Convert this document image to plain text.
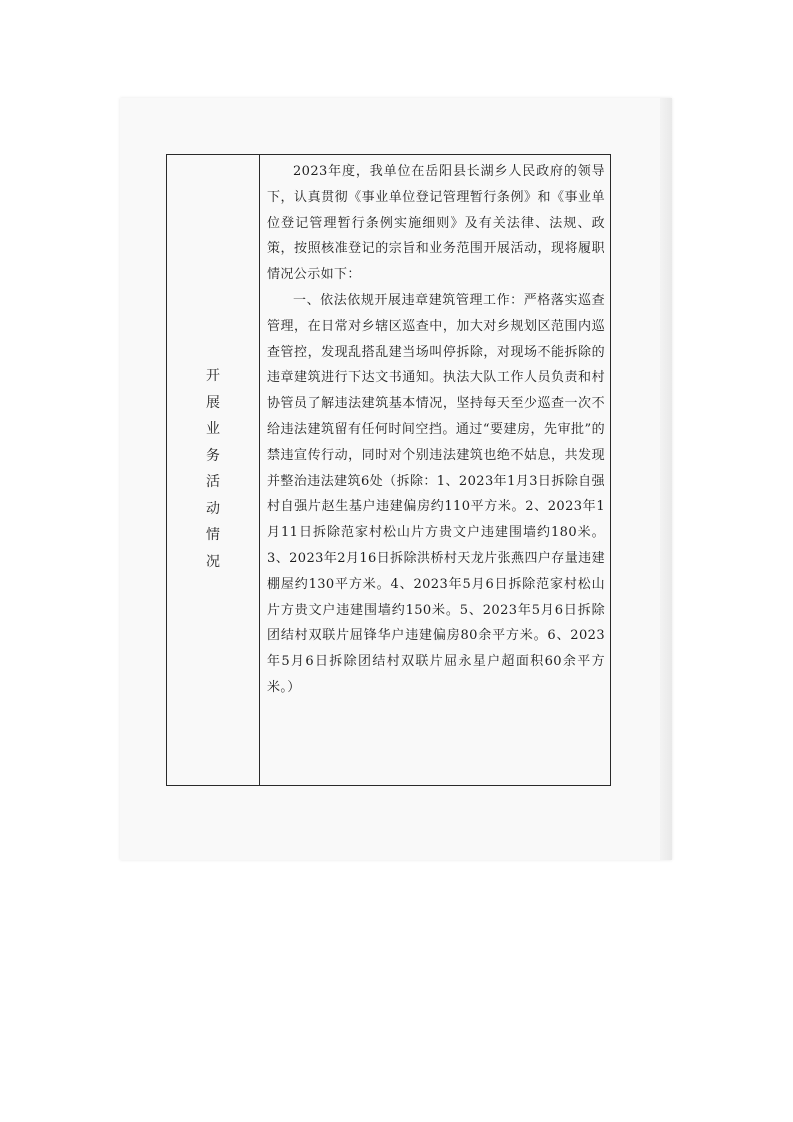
开
展
业
务
活
动
情
况

2023年度，我单位在岳阳县长湖乡人民政府的领导下，认真贯彻《事业单位登记管理暂行条例》和《事业单位登记管理暂行条例实施细则》及有关法律、法规、政策，按照核准登记的宗旨和业务范围开展活动，现将履职情况公示如下：

一、依法依规开展违章建筑管理工作：严格落实巡查管理，在日常对乡辖区巡查中，加大对乡规划区范围内巡查管控，发现乱搭乱建当场叫停拆除，对现场不能拆除的违章建筑进行下达文书通知。执法大队工作人员负责和村协管员了解违法建筑基本情况，坚持每天至少巡查一次不给违法建筑留有任何时间空挡。通过“要建房，先审批”的禁违宣传行动，同时对个别违法建筑也绝不姑息，共发现并整治违法建筑6处（拆除：1、2023年1月3日拆除自强村自强片赵生基户违建偏房约110平方米。2、2023年1月11日拆除范家村松山片方贵文户违建围墙约180米。3、2023年2月16日拆除洪桥村天龙片张燕四户存量违建棚屋约130平方米。4、2023年5月6日拆除范家村松山片方贵文户违建围墙约150米。5、2023年5月6日拆除团结村双联片屈锋华户违建偏房80余平方米。6、2023年5月6日拆除团结村双联片屈永星户超面积60余平方米。）
